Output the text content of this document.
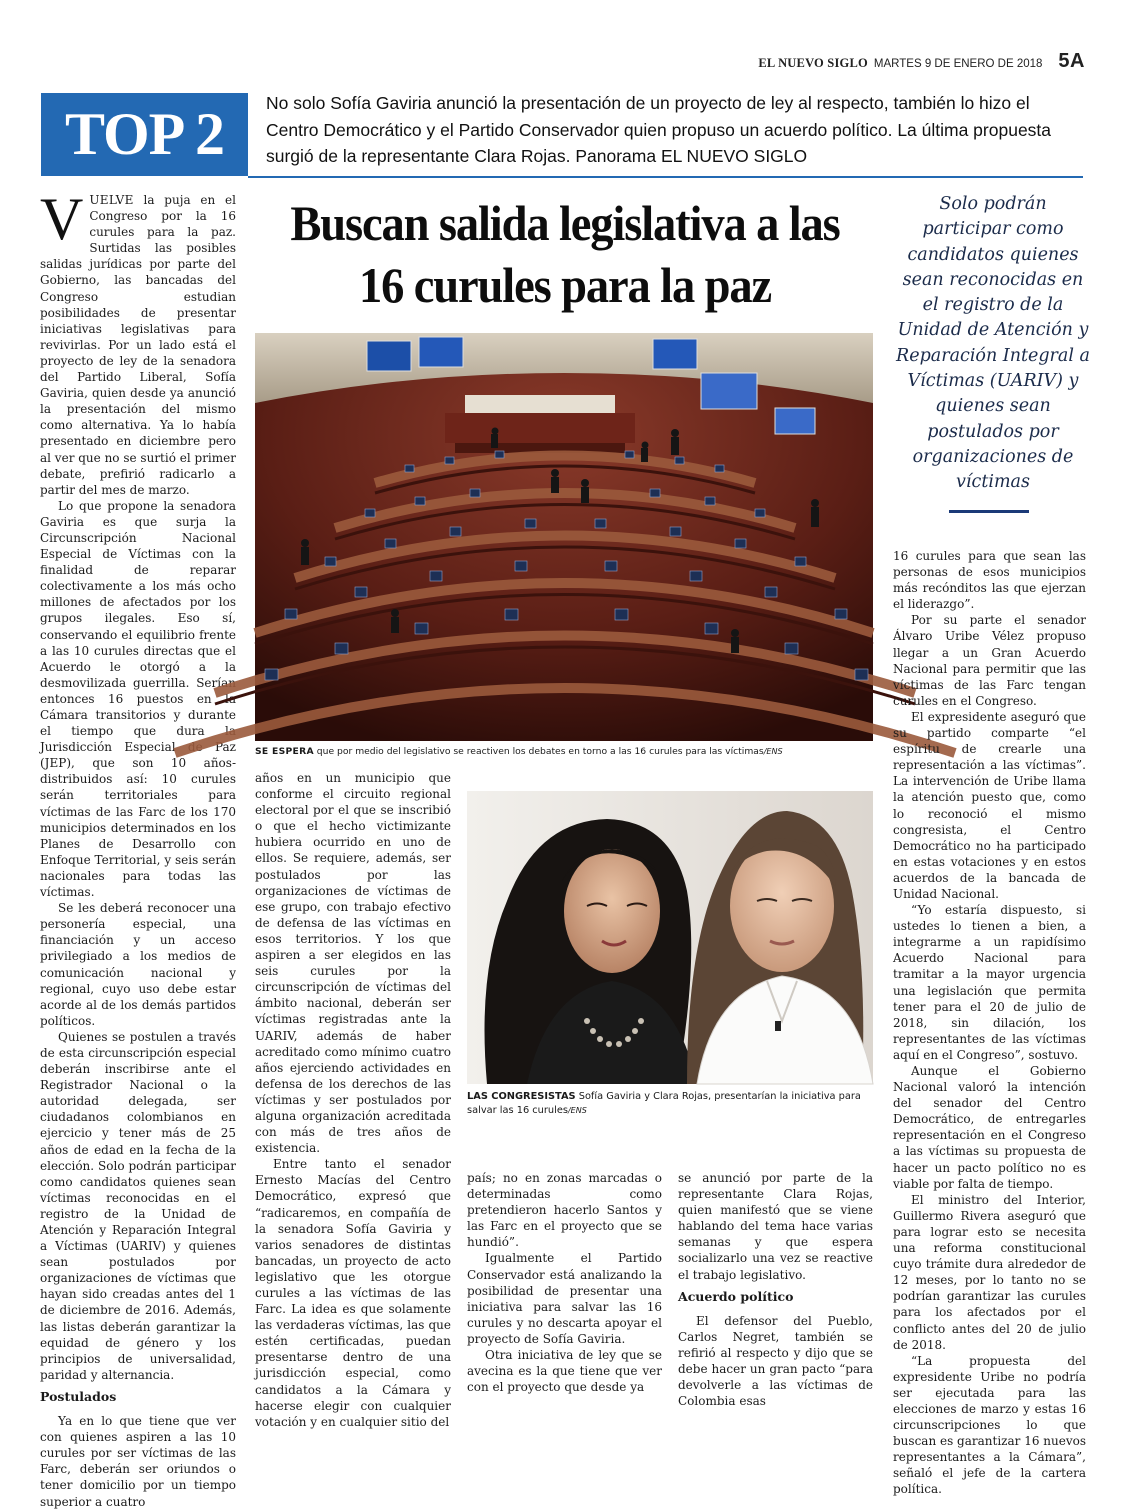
EL NUEVO SIGLO MARTES 9 DE ENERO DE 2018 5A
TOP 2	No solo Sofía Gaviria anunció la presentación de un proyecto de ley al respecto, también lo hizo el Centro Democrático y el Partido Conservador quien propuso un acuerdo político. La última propuesta surgió de la representante Clara Rojas. Panorama EL NUEVO SIGLO
Buscan salida legislativa a las 16 curules para la paz
Solo podrán participar como candidatos quienes sean reconocidas en el registro de la Unidad de Atención y Reparación Integral a Víctimas (UARIV) y quienes sean postulados por organizaciones de víctimas

VUELVE la puja en el Congreso por la 16 curules para la paz. Surtidas las posibles salidas jurídicas por parte del Gobierno, las bancadas del Congreso estudian posibilidades de presentar iniciativas legislativas para revivirlas. Por un lado está el proyecto de ley de la senadora del Partido Liberal, Sofía Gaviria, quien desde ya anunció la presentación del mismo como alternativa. Ya lo había presentado en diciembre pero al ver que no se surtió el primer debate, prefirió radicarlo a partir del mes de marzo.

Lo que propone la senadora Gaviria es que surja la Circunscripción Nacional Especial de Víctimas con la finalidad de reparar colectivamente a los más ocho millones de afectados por los grupos ilegales. Eso sí, conservando el equilibrio frente a las 10 curules directas que el Acuerdo le otorgó a la desmovilizada guerrilla. Serían entonces 16 puestos en la Cámara transitorios y durante el tiempo que dura la Jurisdicción Especial de Paz (JEP), que son 10 años- distribuidos así: 10 curules serán territoriales para víctimas de las Farc de los 170 municipios determinados en los Planes de Desarrollo con Enfoque Territorial, y seis serán nacionales para todas las víctimas.

Se les deberá reconocer una personería especial, una financiación y un acceso privilegiado a los medios de comunicación nacional y regional, cuyo uso debe estar acorde al de los demás partidos políticos.

Quienes se postulen a través de esta circunscripción especial deberán inscribirse ante el Registrador Nacional o la autoridad delegada, ser ciudadanos colombianos en ejercicio y tener más de 25 años de edad en la fecha de la elección. Solo podrán participar como candidatos quienes sean víctimas reconocidas en el registro de la Unidad de Atención y Reparación Integral a Víctimas (UARIV) y quienes sean postulados por organizaciones de víctimas que hayan sido creadas antes del 1 de diciembre de 2016. Además, las listas deberán garantizar la equidad de género y los principios de universalidad, paridad y alternancia.

Postulados

Ya en lo que tiene que ver con quienes aspiren a las 10 curules por ser víctimas de las Farc, deberán ser oriundos o tener domicilio por un tiempo superior a cuatro

SE ESPERA que por medio del legislativo se reactiven los debates en torno a las 16 curules para las víctimas/ENS

años en un municipio que conforme el circuito regional electoral por el que se inscribió o que el hecho victimizante hubiera ocurrido en uno de ellos. Se requiere, además, ser postulados por las organizaciones de víctimas de ese grupo, con trabajo efectivo de defensa de las víctimas en esos territorios. Y los que aspiren a ser elegidos en las seis curules por la circunscripción de víctimas del ámbito nacional, deberán ser víctimas registradas ante la UARIV, además de haber acreditado como mínimo cuatro años ejerciendo actividades en defensa de los derechos de las víctimas y ser postulados por alguna organización acreditada con más de tres años de existencia.

Entre tanto el senador Ernesto Macías del Centro Democrático, expresó que “radicaremos, en compañía de la senadora Sofía Gaviria y varios senadores de distintas bancadas, un proyecto de acto legislativo que les otorgue curules a las víctimas de las Farc. La idea es que solamente las verdaderas víctimas, las que estén certificadas, puedan presentarse dentro de una jurisdicción especial, como candidatos a la Cámara y hacerse elegir con cualquier votación y en cualquier sitio del

LAS CONGRESISTAS Sofía Gaviria y Clara Rojas, presentarían la iniciativa para salvar las 16 curules/ENS

país; no en zonas marcadas o determinadas como pretendieron hacerlo Santos y las Farc en el proyecto que se hundió”.

Igualmente el Partido Conservador está analizando la posibilidad de presentar una iniciativa para salvar las 16 curules y no descarta apoyar el proyecto de Sofía Gaviria.

Otra iniciativa de ley que se avecina es la que tiene que ver con el proyecto que desde ya

se anunció por parte de la representante Clara Rojas, quien manifestó que se viene hablando del tema hace varias semanas y que espera socializarlo una vez se reactive el trabajo legislativo.

Acuerdo político

El defensor del Pueblo, Carlos Negret, también se refirió al respecto y dijo que se debe hacer un gran pacto “para devolverle a las víctimas de Colombia esas

16 curules para que sean las personas de esos municipios más recónditos las que ejerzan el liderazgo”.

Por su parte el senador Álvaro Uribe Vélez propuso llegar a un Gran Acuerdo Nacional para permitir que las víctimas de las Farc tengan curules en el Congreso.

El expresidente aseguró que su partido comparte “el espíritu de crearle una representación a las víctimas”. La intervención de Uribe llama la atención puesto que, como lo reconoció el mismo congresista, el Centro Democrático no ha participado en estas votaciones y en estos acuerdos de la bancada de Unidad Nacional.

“Yo estaría dispuesto, si ustedes lo tienen a bien, a integrarme a un rapidísimo Acuerdo Nacional para tramitar a la mayor urgencia una legislación que permita tener para el 20 de julio de 2018, sin dilación, los representantes de las víctimas aquí en el Congreso”, sostuvo.

Aunque el Gobierno Nacional valoró la intención del senador del Centro Democrático, de entregarles representación en el Congreso a las víctimas su propuesta de hacer un pacto político no es viable por falta de tiempo.

El ministro del Interior, Guillermo Rivera aseguró que para lograr esto se necesita una reforma constitucional cuyo trámite dura alrededor de 12 meses, por lo tanto no se podrían garantizar las curules para los afectados por el conflicto antes del 20 de julio de 2018.

“La propuesta del expresidente Uribe no podría ser ejecutada para las elecciones de marzo y estas 16 circunscripciones lo que buscan es garantizar 16 nuevos representantes a la Cámara”, señaló el jefe de la cartera política.
